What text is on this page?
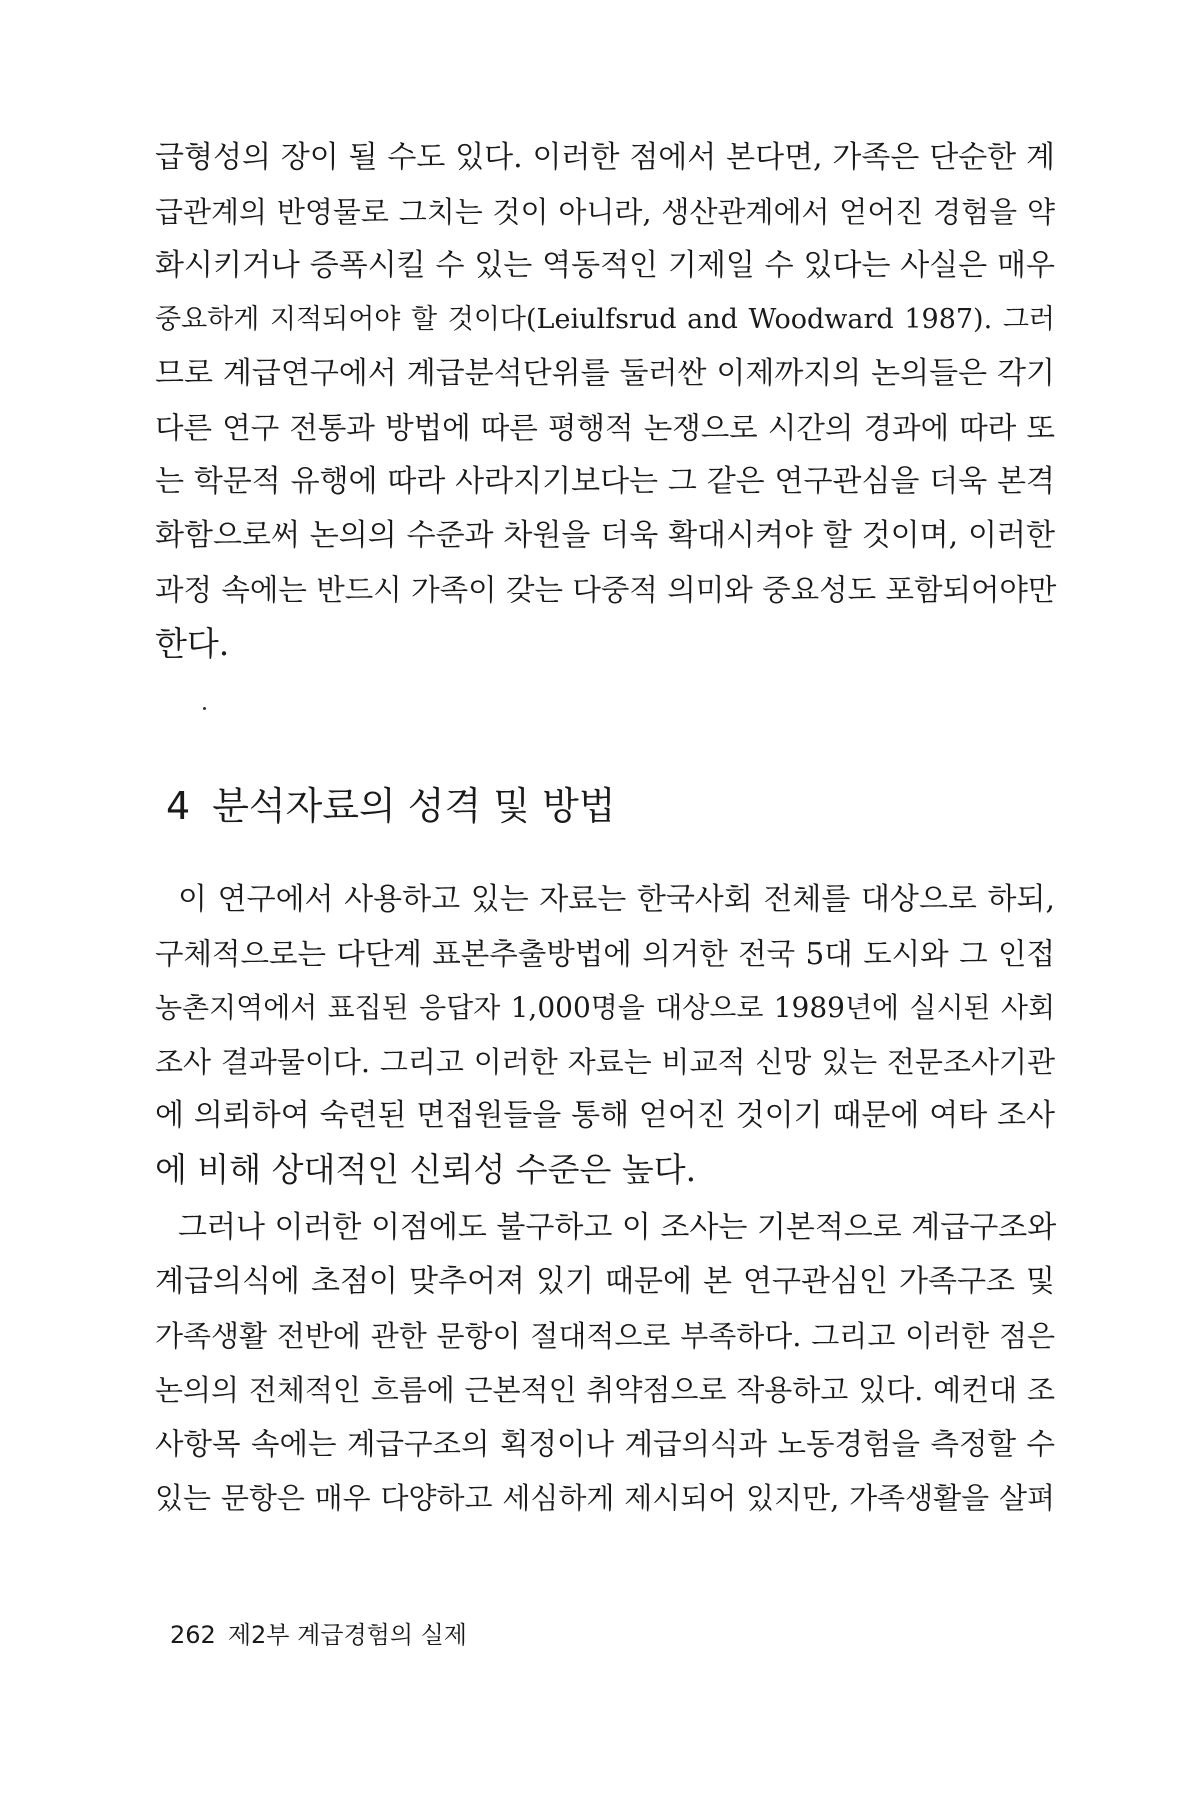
급형성의 장이 될 수도 있다. 이러한 점에서 본다면, 가족은 단순한 계
급관계의 반영물로 그치는 것이 아니라, 생산관계에서 얻어진 경험을 약
화시키거나 증폭시킬 수 있는 역동적인 기제일 수 있다는 사실은 매우
중요하게 지적되어야 할 것이다(Leiulfsrud and Woodward 1987). 그러
므로 계급연구에서 계급분석단위를 둘러싼 이제까지의 논의들은 각기
다른 연구 전통과 방법에 따른 평행적 논쟁으로 시간의 경과에 따라 또
는 학문적 유행에 따라 사라지기보다는 그 같은 연구관심을 더욱 본격
화함으로써 논의의 수준과 차원을 더욱 확대시켜야 할 것이며, 이러한
과정 속에는 반드시 가족이 갖는 다중적 의미와 중요성도 포함되어야만
한다.
4 분석자료의 성격 및 방법
이 연구에서 사용하고 있는 자료는 한국사회 전체를 대상으로 하되,
구체적으로는 다단계 표본추출방법에 의거한 전국 5대 도시와 그 인접
농촌지역에서 표집된 응답자 1,000명을 대상으로 1989년에 실시된 사회
조사 결과물이다. 그리고 이러한 자료는 비교적 신망 있는 전문조사기관
에 의뢰하여 숙련된 면접원들을 통해 얻어진 것이기 때문에 여타 조사
에 비해 상대적인 신뢰성 수준은 높다.
그러나 이러한 이점에도 불구하고 이 조사는 기본적으로 계급구조와
계급의식에 초점이 맞추어져 있기 때문에 본 연구관심인 가족구조 및
가족생활 전반에 관한 문항이 절대적으로 부족하다. 그리고 이러한 점은
논의의 전체적인 흐름에 근본적인 취약점으로 작용하고 있다. 예컨대 조
사항목 속에는 계급구조의 획정이나 계급의식과 노동경험을 측정할 수
있는 문항은 매우 다양하고 세심하게 제시되어 있지만, 가족생활을 살펴
262 제2부 계급경험의 실제
